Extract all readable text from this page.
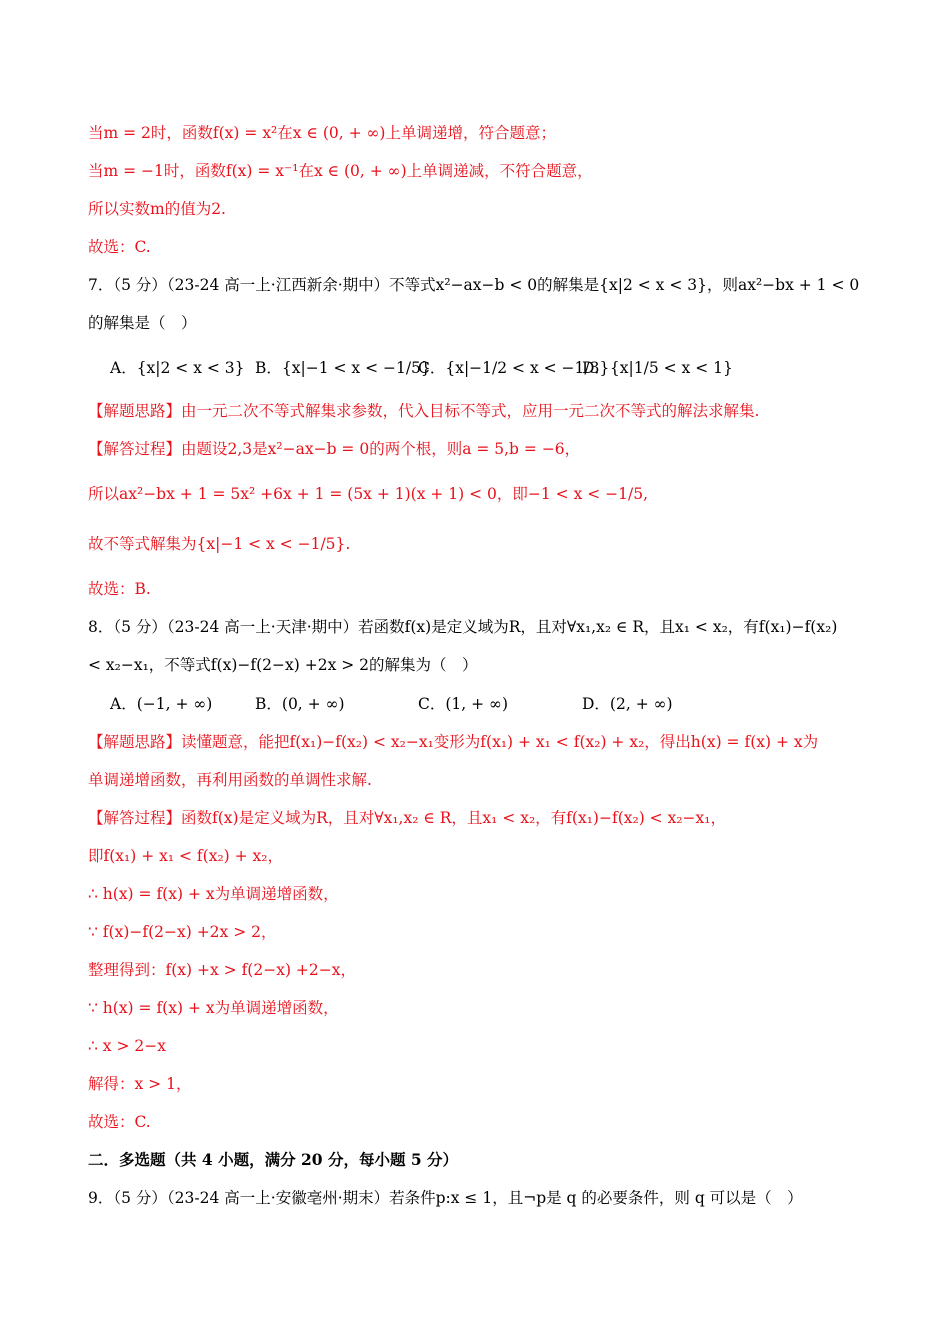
当m = 2时，函数f(x) = x²在x ∈ (0, + ∞)上单调递增，符合题意；
当m = −1时，函数f(x) = x⁻¹在x ∈ (0, + ∞)上单调递减，不符合题意，
所以实数m的值为2.
故选：C.
7．（5 分）（23-24 高一上·江西新余·期中）不等式x²−ax−b < 0的解集是{x|2 < x < 3}，则ax²−bx + 1 < 0
的解集是（　）
A．{x|2 < x < 3} B．{x|−1 < x < −1/5}
C．{x|−1/2 < x < −1/3}
D．{x|1/5 < x < 1}
【解题思路】由一元二次不等式解集求参数，代入目标不等式，应用一元二次不等式的解法求解集.
【解答过程】由题设2,3是x²−ax−b = 0的两个根，则a = 5,b = −6，
所以ax²−bx + 1 = 5x² +6x + 1 = (5x + 1)(x + 1) < 0，即−1 < x < −1/5,
故不等式解集为{x|−1 < x < −1/5}.
故选：B.
8．（5 分）（23-24 高一上·天津·期中）若函数f(x)是定义域为R，且对∀x₁,x₂ ∈ R，且x₁ < x₂，有f(x₁)−f(x₂)
< x₂−x₁，不等式f(x)−f(2−x) +2x > 2的解集为（　）
A．(−1, + ∞)	B．(0, + ∞)	C．(1, + ∞)	D．(2, + ∞)
【解题思路】读懂题意，能把f(x₁)−f(x₂) < x₂−x₁变形为f(x₁) + x₁ < f(x₂) + x₂，得出h(x) = f(x) + x为
单调递增函数，再利用函数的单调性求解.
【解答过程】函数f(x)是定义域为R，且对∀x₁,x₂ ∈ R，且x₁ < x₂，有f(x₁)−f(x₂) < x₂−x₁，
即f(x₁) + x₁ < f(x₂) + x₂，
∴ h(x) = f(x) + x为单调递增函数，
∵ f(x)−f(2−x) +2x > 2，
整理得到：f(x) +x > f(2−x) +2−x，
∵ h(x) = f(x) + x为单调递增函数，
∴ x > 2−x
解得：x > 1，
故选：C.
二．多选题（共 4 小题，满分 20 分，每小题 5 分）
9．（5 分）（23-24 高一上·安徽亳州·期末）若条件p:x ≤ 1，且¬p是 q 的必要条件，则 q 可以是（　）
